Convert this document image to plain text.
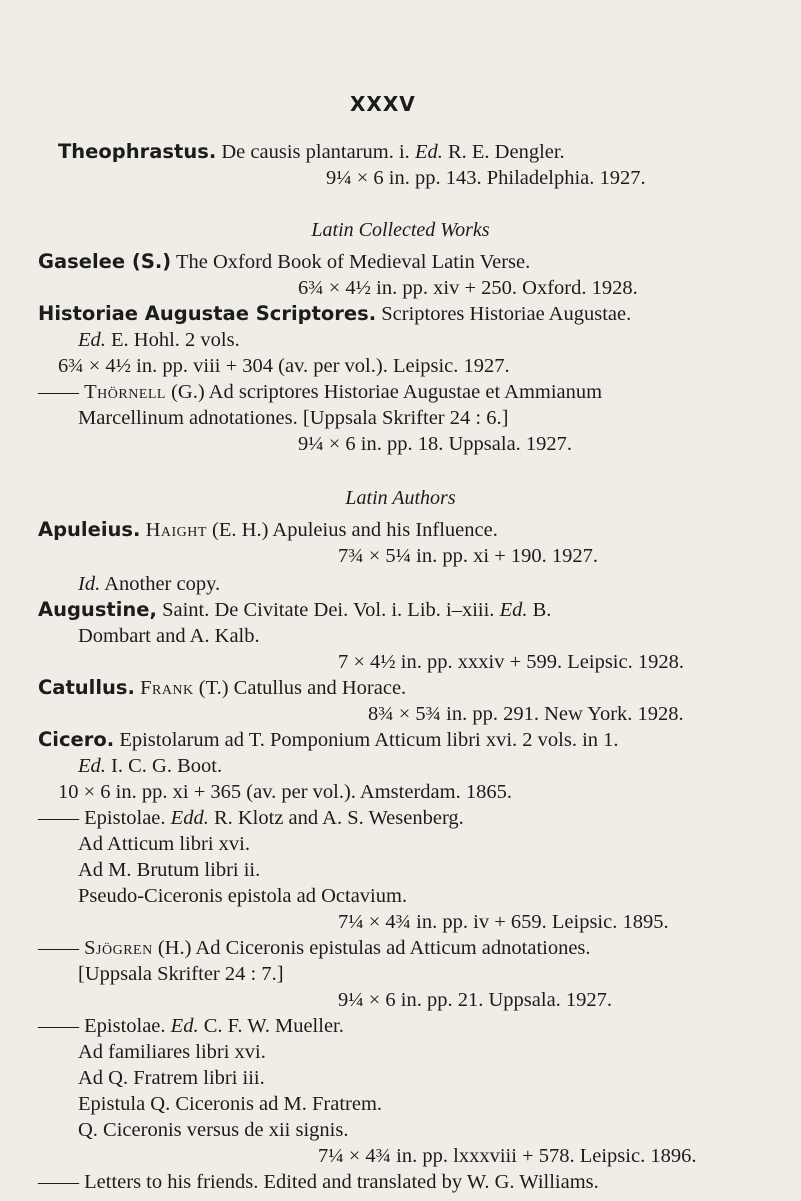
XXXV
Theophrastus. De causis plantarum. i. Ed. R. E. Dengler.
9¼ × 6 in. pp. 143. Philadelphia. 1927.
Latin Collected Works
Gaselee (S.) The Oxford Book of Medieval Latin Verse.
6¾ × 4½ in. pp. xiv + 250. Oxford. 1928.
Historiae Augustae Scriptores. Scriptores Historiae Augustae.
Ed. E. Hohl. 2 vols.
6¾ × 4½ in. pp. viii + 304 (av. per vol.). Leipsic. 1927.
—— Thörnell (G.) Ad scriptores Historiae Augustae et Ammianum
Marcellinum adnotationes. [Uppsala Skrifter 24 : 6.]
9¼ × 6 in. pp. 18. Uppsala. 1927.
Latin Authors
Apuleius. Haight (E. H.) Apuleius and his Influence.
7¾ × 5¼ in. pp. xi + 190. 1927.
Id. Another copy.
Augustine, Saint. De Civitate Dei. Vol. i. Lib. i–xiii. Ed. B.
Dombart and A. Kalb.
7 × 4½ in. pp. xxxiv + 599. Leipsic. 1928.
Catullus. Frank (T.) Catullus and Horace.
8¾ × 5¾ in. pp. 291. New York. 1928.
Cicero. Epistolarum ad T. Pomponium Atticum libri xvi. 2 vols. in 1.
Ed. I. C. G. Boot.
10 × 6 in. pp. xi + 365 (av. per vol.). Amsterdam. 1865.
—— Epistolae. Edd. R. Klotz and A. S. Wesenberg.
Ad Atticum libri xvi.
Ad M. Brutum libri ii.
Pseudo-Ciceronis epistola ad Octavium.
7¼ × 4¾ in. pp. iv + 659. Leipsic. 1895.
—— Sjögren (H.) Ad Ciceronis epistulas ad Atticum adnotationes.
[Uppsala Skrifter 24 : 7.]
9¼ × 6 in. pp. 21. Uppsala. 1927.
—— Epistolae. Ed. C. F. W. Mueller.
Ad familiares libri xvi.
Ad Q. Fratrem libri iii.
Epistula Q. Ciceronis ad M. Fratrem.
Q. Ciceronis versus de xii signis.
7¼ × 4¾ in. pp. lxxxviii + 578. Leipsic. 1896.
—— Letters to his friends. Edited and translated by W. G. Williams.
